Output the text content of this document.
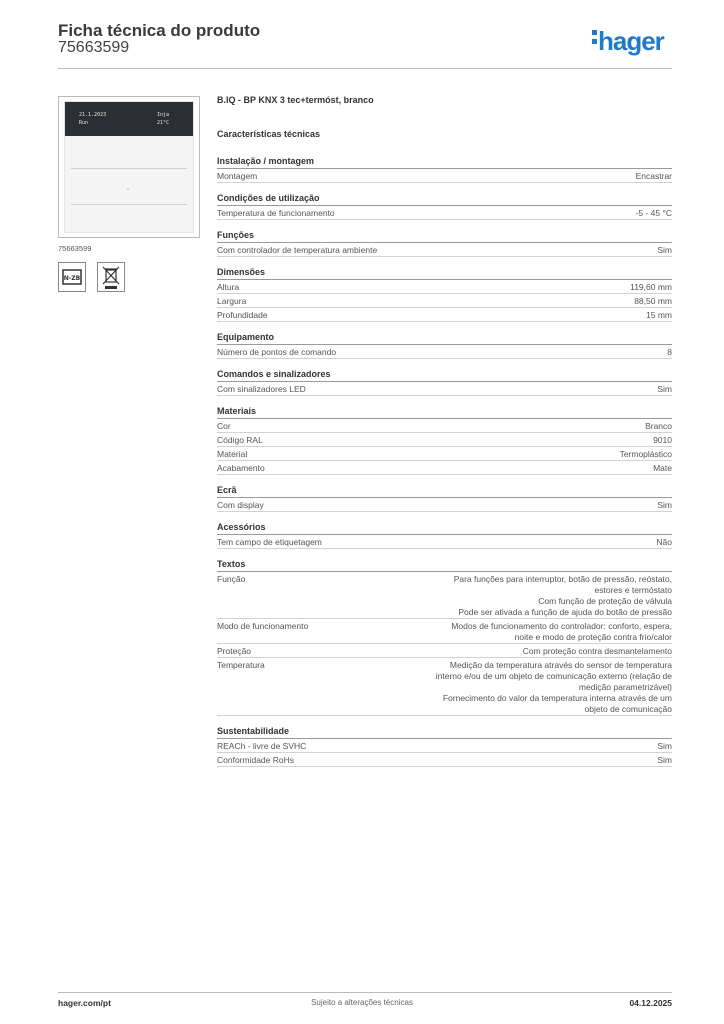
Ficha técnica do produto
75663599	hager
21.1.2023
Run
Inja
21°C
75663599
N-ZB
B.IQ - BP KNX 3 tec+termóst, branco
Características técnicas
Instalação / montagem
Montagem	Encastrar
Condições de utilização
Temperatura de funcionamento	-5 - 45 °C
Funções
Com controlador de temperatura ambiente	Sim
Dimensões
Altura	119,60 mm
Largura	88,50 mm
Profundidade	15 mm
Equipamento
Número de pontos de comando	8
Comandos e sinalizadores
Com sinalizadores LED	Sim
Materiais
Cor	Branco
Código RAL	9010
Material	Termoplástico
Acabamento	Mate
Ecrã
Com display	Sim
Acessórios
Tem campo de etiquetagem	Não
Textos
Função	Para funções para interruptor, botão de pressão, reóstato,
estores e termóstato
Com função de proteção de válvula
Pode ser ativada a função de ajuda do botão de pressão
Modo de funcionamento	Modos de funcionamento do controlador: conforto, espera,
noite e modo de proteção contra frio/calor
Proteção	Com proteção contra desmantelamento
Temperatura	Medição da temperatura através do sensor de temperatura
interno e/ou de um objeto de comunicação externo (relação de
medição parametrizável)
Fornecimento do valor da temperatura interna através de um
objeto de comunicação
Sustentabilidade
REACh - livre de SVHC	Sim
Conformidade RoHs	Sim
hager.com/pt	Sujeito a alterações técnicas	04.12.2025
